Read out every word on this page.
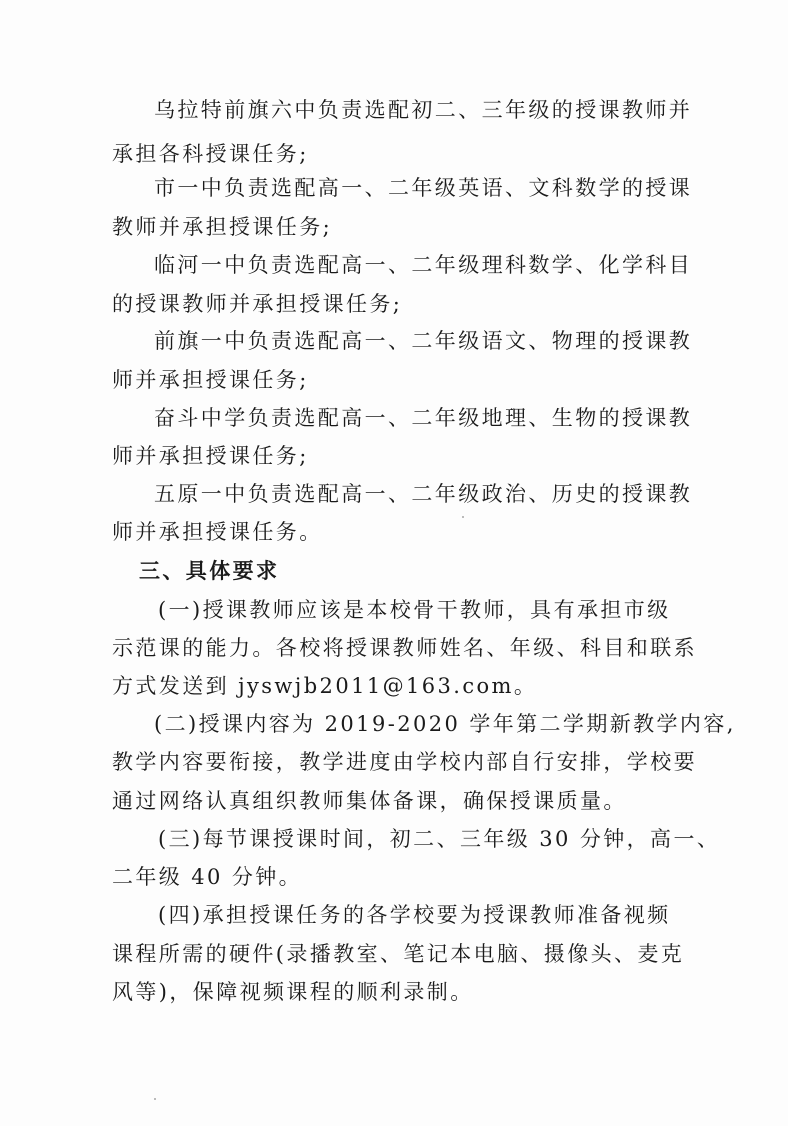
乌拉特前旗六中负责选配初二、三年级的授课教师并
承担各科授课任务;
市一中负责选配高一、二年级英语、文科数学的授课
教师并承担授课任务;
临河一中负责选配高一、二年级理科数学、化学科目
的授课教师并承担授课任务;
前旗一中负责选配高一、二年级语文、物理的授课教
师并承担授课任务;
奋斗中学负责选配高一、二年级地理、生物的授课教
师并承担授课任务;
五原一中负责选配高一、二年级政治、历史的授课教
师并承担授课任务。
三、具体要求
(一)授课教师应该是本校骨干教师，具有承担市级
示范课的能力。各校将授课教师姓名、年级、科目和联系
方式发送到 jyswjb2011@163.com。
(二)授课内容为 2019-2020 学年第二学期新教学内容,
教学内容要衔接，教学进度由学校内部自行安排，学校要
通过网络认真组织教师集体备课，确保授课质量。
(三)每节课授课时间，初二、三年级 30 分钟，高一、
二年级 40 分钟。
(四)承担授课任务的各学校要为授课教师准备视频
课程所需的硬件(录播教室、笔记本电脑、摄像头、麦克
风等)，保障视频课程的顺利录制。
